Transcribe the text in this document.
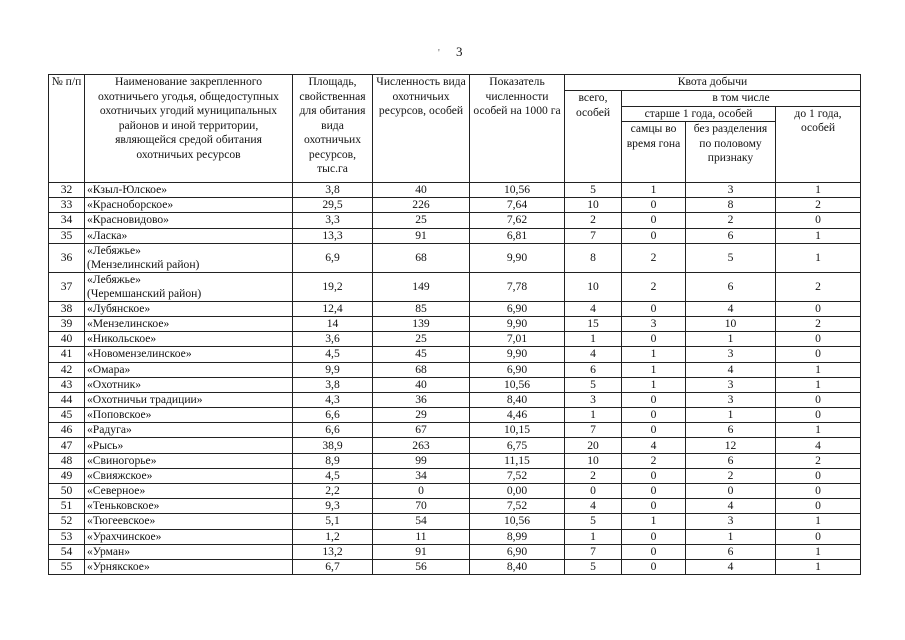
' 3
№ п/п	Наименование закрепленного охотничьего угодья, общедоступных охотничьих угодий муниципальных районов и иной территории, являющейся средой обитания охотничьих ресурсов	Площадь, свойственная для обитания вида охотничьих ресурсов, тыс.га	Численность вида охотничьих ресурсов, особей	Показатель численности особей на 1000 га	Квота добычи			
					всего, особей	в том числе		
						старше 1 года, особей		до 1 года, особей
						самцы во время гона	без разделения по половому признаку	
32	«Кзыл-Юлское»	3,8	40	10,56	5	1	3	1
33	«Красноборское»	29,5	226	7,64	10	0	8	2
34	«Красновидово»	3,3	25	7,62	2	0	2	0
35	«Ласка»	13,3	91	6,81	7	0	6	1
36	«Лебяжье»
(Мензелинский район)	6,9	68	9,90	8	2	5	1
37	«Лебяжье»
(Черемшанский район)	19,2	149	7,78	10	2	6	2
38	«Лубянское»	12,4	85	6,90	4	0	4	0
39	«Мензелинское»	14	139	9,90	15	3	10	2
40	«Никольское»	3,6	25	7,01	1	0	1	0
41	«Новомензелинское»	4,5	45	9,90	4	1	3	0
42	«Омара»	9,9	68	6,90	6	1	4	1
43	«Охотник»	3,8	40	10,56	5	1	3	1
44	«Охотничьи традиции»	4,3	36	8,40	3	0	3	0
45	«Поповское»	6,6	29	4,46	1	0	1	0
46	«Радуга»	6,6	67	10,15	7	0	6	1
47	«Рысь»	38,9	263	6,75	20	4	12	4
48	«Свиногорье»	8,9	99	11,15	10	2	6	2
49	«Свияжское»	4,5	34	7,52	2	0	2	0
50	«Северное»	2,2	0	0,00	0	0	0	0
51	«Теньковское»	9,3	70	7,52	4	0	4	0
52	«Тюгеевское»	5,1	54	10,56	5	1	3	1
53	«Урахчинское»	1,2	11	8,99	1	0	1	0
54	«Урман»	13,2	91	6,90	7	0	6	1
55	«Урнякское»	6,7	56	8,40	5	0	4	1
